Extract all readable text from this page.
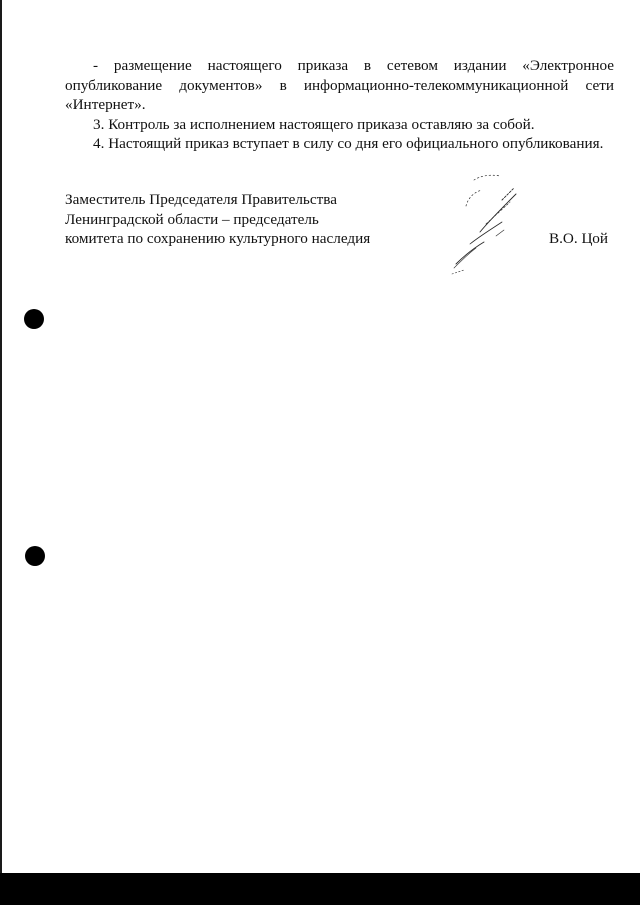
- размещение настоящего приказа в сетевом издании «Электронное опубликование документов» в информационно-телекоммуникационной сети «Интернет».

3. Контроль за исполнением настоящего приказа оставляю за собой.

4. Настоящий приказ вступает в силу со дня его официального опубликования.

Заместитель Председателя Правительства
Ленинградской области – председатель
комитета по сохранению культурного наследия	В.О. Цой
